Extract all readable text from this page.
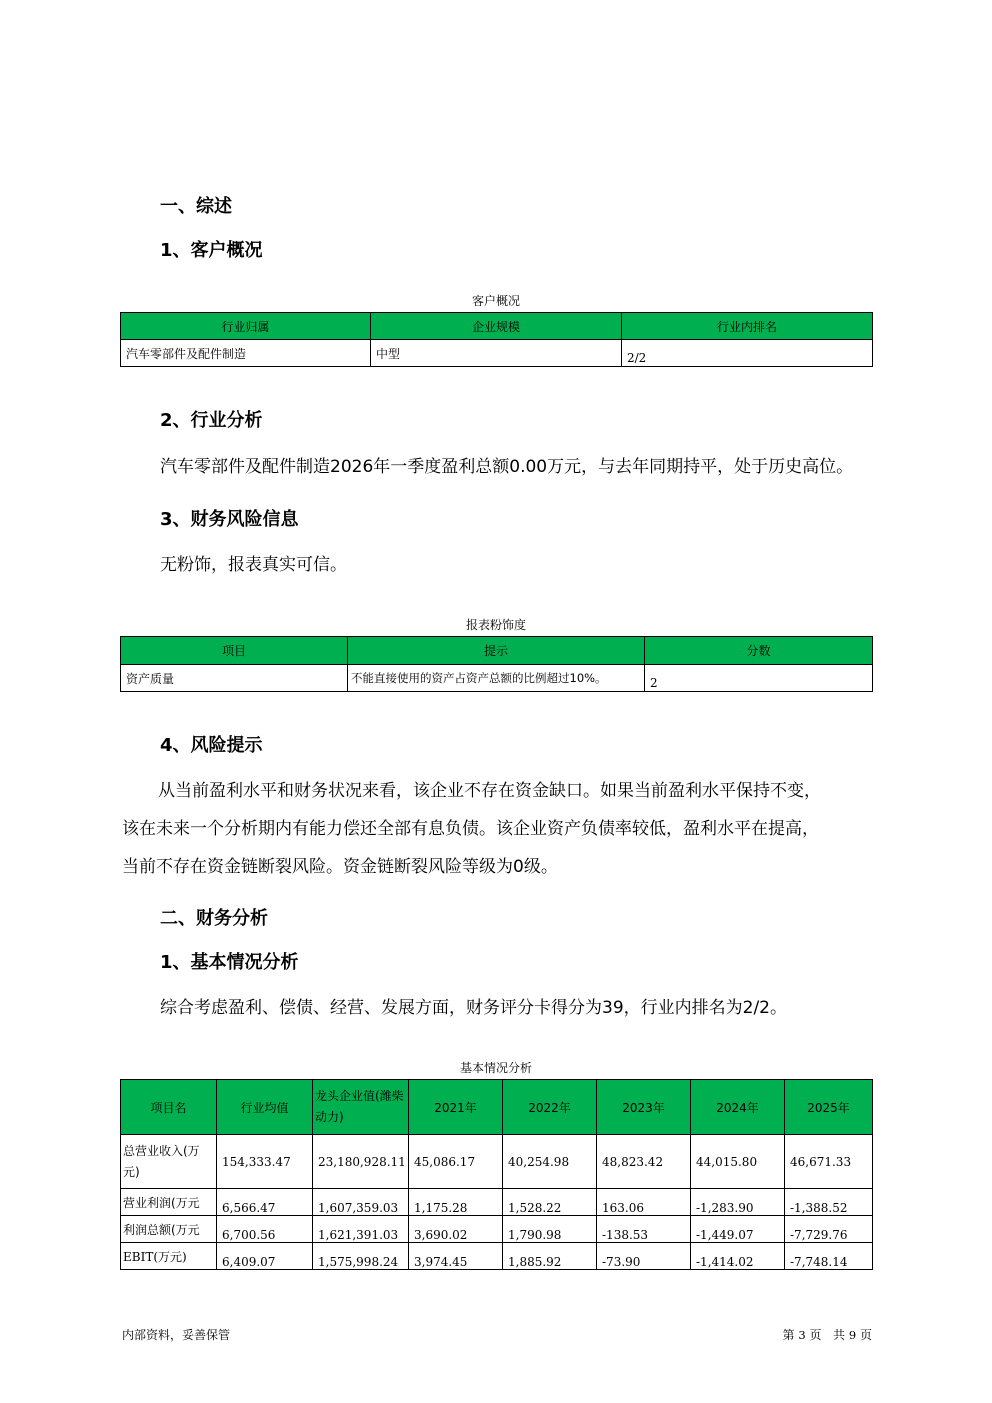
一、综述
1、客户概况
客户概况
行业归属	企业规模	行业内排名
汽车零部件及配件制造	中型	2/2
2、行业分析
汽车零部件及配件制造2026年一季度盈利总额0.00万元，与去年同期持平，处于历史高位。
3、财务风险信息
无粉饰，报表真实可信。
报表粉饰度
项目	提示	分数
资产质量	不能直接使用的资产占资产总额的比例超过10%。	2
4、风险提示
从当前盈利水平和财务状况来看，该企业不存在资金缺口。如果当前盈利水平保持不变，
该在未来一个分析期内有能力偿还全部有息负债。该企业资产负债率较低，盈利水平在提高，
当前不存在资金链断裂风险。资金链断裂风险等级为0级。
二、财务分析
1、基本情况分析
综合考虑盈利、偿债、经营、发展方面，财务评分卡得分为39，行业内排名为2/2。
基本情况分析
项目名	行业均值	龙头企业值(潍柴动力)	2021年	2022年	2023年	2024年	2025年
总营业收入(万元)	154,333.47	23,180,928.11	45,086.17	40,254.98	48,823.42	44,015.80	46,671.33
营业利润(万元	6,566.47	1,607,359.03	1,175.28	1,528.22	163.06	-1,283.90	-1,388.52
利润总额(万元	6,700.56	1,621,391.03	3,690.02	1,790.98	-138.53	-1,449.07	-7,729.76
EBIT(万元)	6,409.07	1,575,998.24	3,974.45	1,885.92	-73.90	-1,414.02	-7,748.14
内部资料，妥善保管	第 3 页 共 9 页
